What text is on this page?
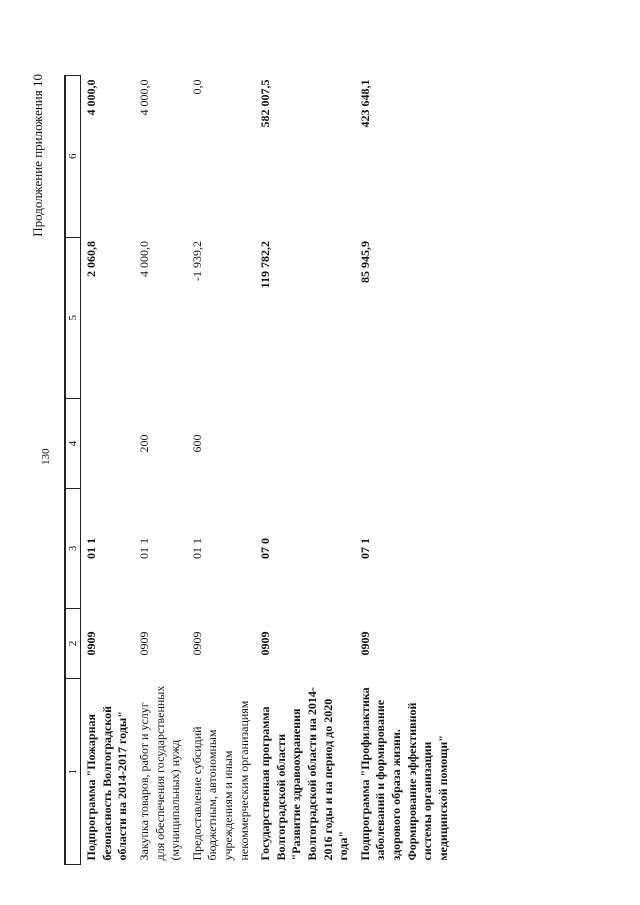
130
Продолжение приложения 10
1	2	3	4	5	6
Подпрограмма "Пожарная безопасность Волгоградской области на 2014-2017 годы"	0909	01 1		2 060,8	4 000,0
Закупка товаров, работ и услуг для обеспечения государственных (муниципальных) нужд	0909	01 1	200	4 000,0	4 000,0
Предоставление субсидий бюджетным, автономным учреждениям и иным некоммерческим организациям	0909	01 1	600	-1 939,2	0,0
Государственная программа Волгоградской области "Развитие здравоохранения Волгоградской области на 2014-2016 годы и на период до 2020 года"	0909	07 0		119 782,2	582 007,5
Подпрограмма "Профилактика заболеваний и формирование здорового образа жизни. Формирование эффективной системы организации медицинской помощи"	0909	07 1		85 945,9	423 648,1
